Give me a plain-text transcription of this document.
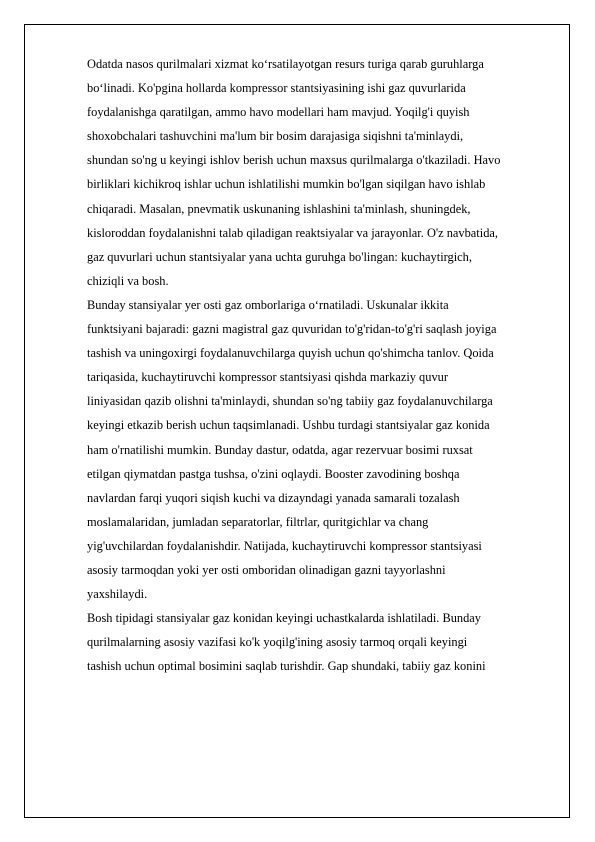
Odatda nasos qurilmalari xizmat ko‘rsatilayotgan resurs turiga qarab guruhlarga
bo‘linadi. Ko'pgina hollarda kompressor stantsiyasining ishi gaz quvurlarida
foydalanishga qaratilgan, ammo havo modellari ham mavjud. Yoqilg'i quyish
shoxobchalari tashuvchini ma'lum bir bosim darajasiga siqishni ta'minlaydi,
shundan so'ng u keyingi ishlov berish uchun maxsus qurilmalarga o'tkaziladi. Havo
birliklari kichikroq ishlar uchun ishlatilishi mumkin bo'lgan siqilgan havo ishlab
chiqaradi. Masalan, pnevmatik uskunaning ishlashini ta'minlash, shuningdek,
kisloroddan foydalanishni talab qiladigan reaktsiyalar va jarayonlar. O'z navbatida,
gaz quvurlari uchun stantsiyalar yana uchta guruhga bo'lingan: kuchaytirgich,
chiziqli va bosh.
Bunday stansiyalar yer osti gaz omborlariga o‘rnatiladi. Uskunalar ikkita
funktsiyani bajaradi: gazni magistral gaz quvuridan to'g'ridan-to'g'ri saqlash joyiga
tashish va uningoxirgi foydalanuvchilarga quyish uchun qo'shimcha tanlov. Qoida
tariqasida, kuchaytiruvchi kompressor stantsiyasi qishda markaziy quvur
liniyasidan qazib olishni ta'minlaydi, shundan so'ng tabiiy gaz foydalanuvchilarga
keyingi etkazib berish uchun taqsimlanadi. Ushbu turdagi stantsiyalar gaz konida
ham o'rnatilishi mumkin. Bunday dastur, odatda, agar rezervuar bosimi ruxsat
etilgan qiymatdan pastga tushsa, o'zini oqlaydi. Booster zavodining boshqa
navlardan farqi yuqori siqish kuchi va dizayndagi yanada samarali tozalash
moslamalaridan, jumladan separatorlar, filtrlar, quritgichlar va chang
yig'uvchilardan foydalanishdir. Natijada, kuchaytiruvchi kompressor stantsiyasi
asosiy tarmoqdan yoki yer osti omboridan olinadigan gazni tayyorlashni
yaxshilaydi.
Bosh tipidagi stansiyalar gaz konidan keyingi uchastkalarda ishlatiladi. Bunday
qurilmalarning asosiy vazifasi ko'k yoqilg'ining asosiy tarmoq orqali keyingi
tashish uchun optimal bosimini saqlab turishdir. Gap shundaki, tabiiy gaz konini
